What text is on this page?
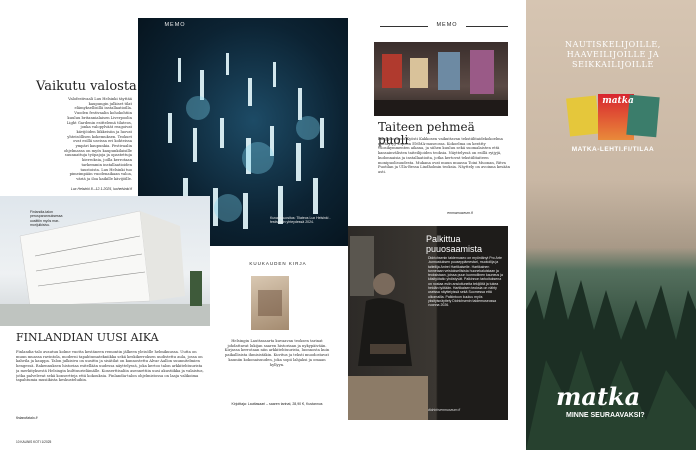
MEMO
Vaikutu valosta
Valofestivaali Lux Helsinki täyttää kaupungin julkiset tilat elämyksellisillä installaatioilla. Vuoden festivaalin kohokohtiin kuuluu britannialaisen Liverpoolin Light Gardenin esittelemä tilateos, jonka valopylväät reagoivat kävijöiden liikkeisiin ja luovat yhteisöllisen kokemuksen. Teokset ovat esillä useissa eri kohteissa ympäri kaupunkia. Festivaalin ohjelmassa on myös kaupunkilaisille suunnattuja työpajoja ja opastettuja kierroksia, joilla kerrotaan tarkemmin installaatioiden taustoista. Lux Helsinki tuo pimeimpään vuodenaikaan valoa, väriä ja iloa kaikille kävijöille.
Lux Helsinki 8.–12.1.2025, luxhelsinki.fi
Finlandia-talon perusparannuksessa uusittiin myös marmorijulkisivu.
FINLANDIAN UUSI AIKA
Finlandia-talo avautuu kolme vuotta kestäneen remontin jälkeen yleisölle helmikuussa. Uutta on muun muassa ravintola, moderni tapahtumatekniikka sekä keskikerroksen uudistettu aula, jossa on kahvila ja kauppa. Talon julkisivu on uusittu ja sisätilat on kunnostettu Alvar Aallon suunnitelmien hengessä. Rakennuksen historiaa esitellään uudessa näyttelyssä, joka kertoo talon arkkitehtuurista ja merkityksestä Helsingin kulttuurielämälle. Konserttisaliin asennettiin uusi akustiikka ja valaistus, jotka palvelevat sekä konsertteja että kokouksia. Finlandia-talon ohjelmistossa on laaja valikoima tapahtumia musiikista keskusteluihin.
finlandiatalo.fi
10 KAUNIS KOTI 1/2025
KUUKAUDEN KIRJA
Helsingin Lauttasaarta kuvaavan teoksen tarinat johdattavat lukijan saaren historiaan ja nykypäivään. Kirjassa kerrotaan niin arkkitehtuurista, luonnosta kuin paikallisista ihmisistäkin. Kuvitus ja teksti muodostavat kauniin kokonaisuuden, joka sopii lahjaksi ja omaan hyllyyn.
Kirjoittaja: Lauttasaari – saaren tarinat, 28,90 €, Kustannus
Kuvaussuositus: Tilateos Lux Helsinki -festivaalin yhteydessä 2024.
MEMO
Taiteen pehmeä puoli
Kauppaneuvos Kyösti Kakkosen vaikuttavan tekstiilitaidekokoelma esittäytyy Espoon EMMA-museossa. Kokoelma on kerätty vuosikymmenten aikana, ja siihen kuuluu sekä suomalaisten että kansainvälisten taiteilijoiden teoksia. Näyttelyssä on esillä ryijyjä, kudonnaisia ja installaatioita, jotka kertovat tekstiilitaiteen monipuolisuudesta. Mukana ovat muun muassa Toini Muonan, Ritva Puotilan ja Ulla-Bessa Lindholmin teoksia. Näyttely on avoinna kesään asti.
emmamuseum.fi
Palkittua puuosaamista
Didrichsenin taidemuseo on myöntänyt Pro Arte -tunnustuksen puuseppämestari, muotoilija ja taiteilija Antrei Hartikaiselle. Hartikainen tunnetaan veistoksellisista huonekaluistaan ja teoksistaan, joissa puun luonnollinen kauneus ja käsityötaito yhdistyvät. Palkinnon tarkoituksena on nostaa esiin ansioituneita tekijöitä ja tukea heidän työtään. Hartikaisen teoksia on nähty useissa näyttelyissä sekä Suomessa että ulkomailla. Palkintoon kuuluu myös yksityisnäyttely Didrichsenin taidemuseossa vuonna 2026.
didrichsenmuseum.fi
NAUTISKELIJOILLE, HAAVEILIJOILLE JA SEIKKAILIJOILLE
matka
MATKA-LEHTI.FI/TILAA
matka
MINNE SEURAAVAKSI?
